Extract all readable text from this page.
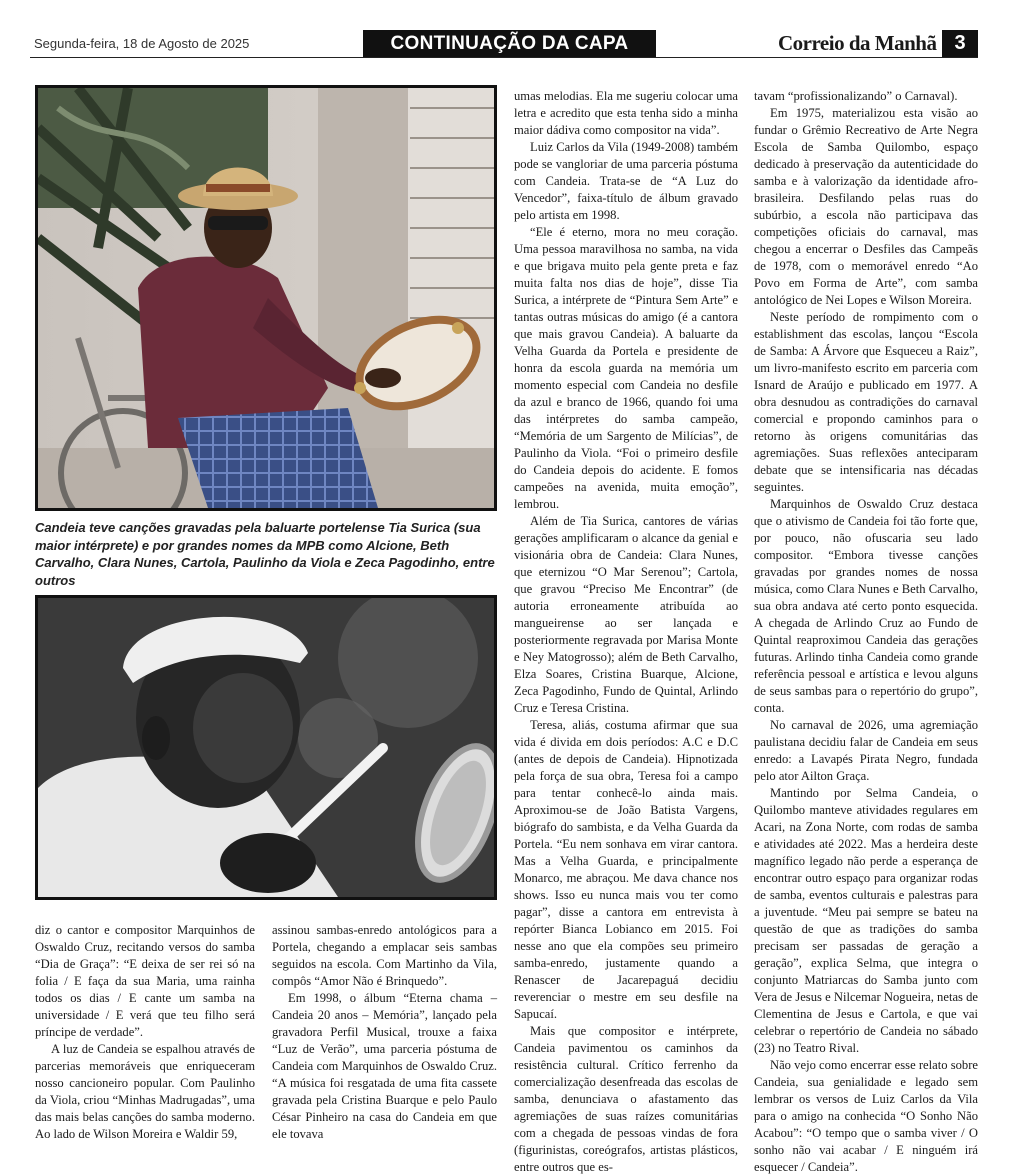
Segunda-feira, 18 de Agosto de 2025	CONTINUAÇÃO DA CAPA	Correio da Manhã 3
Candeia teve canções gravadas pela baluarte portelense Tia Surica (sua maior intérprete) e por grandes nomes da MPB como Alcione, Beth Carvalho, Clara Nunes, Cartola, Paulinho da Viola e Zeca Pagodinho, entre outros

diz o cantor e compositor Marquinhos de Oswaldo Cruz, recitando versos do samba “Dia de Graça”: “E deixa de ser rei só na folia / E faça da sua Maria, uma rainha todos os dias / E cante um samba na universidade / E verá que teu filho será príncipe de verdade”.

A luz de Candeia se espalhou através de parcerias memoráveis que enriqueceram nosso cancioneiro popular. Com Paulinho da Viola, criou “Minhas Madrugadas”, uma das mais belas canções do samba moderno. Ao lado de Wilson Moreira e Waldir 59,

assinou sambas-enredo antológicos para a Portela, chegando a emplacar seis sambas seguidos na escola. Com Martinho da Vila, compôs “Amor Não é Brinquedo”.

Em 1998, o álbum “Eterna chama – Candeia 20 anos – Memória”, lançado pela gravadora Perfil Musical, trouxe a faixa “Luz de Verão”, uma parceria póstuma de Candeia com Marquinhos de Oswaldo Cruz. “A música foi resgatada de uma fita cassete gravada pela Cristina Buarque e pelo Paulo César Pinheiro na casa do Candeia em que ele tovava

umas melodias. Ela me sugeriu colocar uma letra e acredito que esta tenha sido a minha maior dádiva como compositor na vida”.

Luiz Carlos da Vila (1949-2008) também pode se vangloriar de uma parceria póstuma com Candeia. Trata-se de “A Luz do Vencedor”, faixa-título de álbum gravado pelo artista em 1998.

“Ele é eterno, mora no meu coração. Uma pessoa maravilhosa no samba, na vida e que brigava muito pela gente preta e faz muita falta nos dias de hoje”, disse Tia Surica, a intérprete de “Pintura Sem Arte” e tantas outras músicas do amigo (é a cantora que mais gravou Candeia). A baluarte da Velha Guarda da Portela e presidente de honra da escola guarda na memória um momento especial com Candeia no desfile da azul e branco de 1966, quando foi uma das intérpretes do samba campeão, “Memória de um Sargento de Milícias”, de Paulinho da Viola. “Foi o primeiro desfile do Candeia depois do acidente. E fomos campeões na avenida, muita emoção”, lembrou.

Além de Tia Surica, cantores de várias gerações amplificaram o alcance da genial e visionária obra de Candeia: Clara Nunes, que eternizou “O Mar Serenou”; Cartola, que gravou “Preciso Me Encontrar” (de autoria erroneamente atribuída ao mangueirense ao ser lançada e posteriormente regravada por Marisa Monte e Ney Matogrosso); além de Beth Carvalho, Elza Soares, Cristina Buarque, Alcione, Zeca Pagodinho, Fundo de Quintal, Arlindo Cruz e Teresa Cristina.

Teresa, aliás, costuma afirmar que sua vida é divida em dois períodos: A.C e D.C (antes de depois de Candeia). Hipnotizada pela força de sua obra, Teresa foi a campo para tentar conhecê-lo ainda mais. Aproximou-se de João Batista Vargens, biógrafo do sambista, e da Velha Guarda da Portela. “Eu nem sonhava em virar cantora. Mas a Velha Guarda, e principalmente Monarco, me abraçou. Me dava chance nos shows. Isso eu nunca mais vou ter como pagar”, disse a cantora em entrevista à repórter Bianca Lobianco em 2015. Foi nesse ano que ela compões seu primeiro samba-enredo, justamente quando a Renascer de Jacarepaguá decidiu reverenciar o mestre em seu desfile na Sapucaí.

Mais que compositor e intérprete, Candeia pavimentou os caminhos da resistência cultural. Crítico ferrenho da comercialização desenfreada das escolas de samba, denunciava o afastamento das agremiações de suas raízes comunitárias com a chegada de pessoas vindas de fora (figurinistas, coreógrafos, artistas plásticos, entre outros que es-

tavam “profissionalizando” o Carnaval).

Em 1975, materializou esta visão ao fundar o Grêmio Recreativo de Arte Negra Escola de Samba Quilombo, espaço dedicado à preservação da autenticidade do samba e à valorização da identidade afro-brasileira. Desfilando pelas ruas do subúrbio, a escola não participava das competições oficiais do carnaval, mas chegou a encerrar o Desfiles das Campeãs de 1978, com o memorável enredo “Ao Povo em Forma de Arte”, com samba antológico de Nei Lopes e Wilson Moreira.

Neste período de rompimento com o establishment das escolas, lançou “Escola de Samba: A Árvore que Esqueceu a Raiz”, um livro-manifesto escrito em parceria com Isnard de Araújo e publicado em 1977. A obra desnudou as contradições do carnaval comercial e propondo caminhos para o retorno às origens comunitárias das agremiações. Suas reflexões anteciparam debate que se intensificaria nas décadas seguintes.

Marquinhos de Oswaldo Cruz destaca que o ativismo de Candeia foi tão forte que, por pouco, não ofuscaria seu lado compositor. “Embora tivesse canções gravadas por grandes nomes de nossa música, como Clara Nunes e Beth Carvalho, sua obra andava até certo ponto esquecida. A chegada de Arlindo Cruz ao Fundo de Quintal reaproximou Candeia das gerações futuras. Arlindo tinha Candeia como grande referência pessoal e artística e levou alguns de seus sambas para o repertório do grupo”, conta.

No carnaval de 2026, uma agremiação paulistana decidiu falar de Candeia em seus enredo: a Lavapés Pirata Negro, fundada pelo ator Ailton Graça.

Mantindo por Selma Candeia, o Quilombo manteve atividades regulares em Acari, na Zona Norte, com rodas de samba e atividades até 2022. Mas a herdeira deste magnífico legado não perde a esperança de encontrar outro espaço para organizar rodas de samba, eventos culturais e palestras para a juventude. “Meu pai sempre se bateu na questão de que as tradições do samba precisam ser passadas de geração a geração”, explica Selma, que integra o conjunto Matriarcas do Samba junto com Vera de Jesus e Nilcemar Nogueira, netas de Clementina de Jesus e Cartola, e que vai celebrar o repertório de Candeia no sábado (23) no Teatro Rival.

Não vejo como encerrar esse relato sobre Candeia, sua genialidade e legado sem lembrar os versos de Luiz Carlos da Vila para o amigo na conhecida “O Sonho Não Acabou”: “O tempo que o samba viver / O sonho não vai acabar / E ninguém irá esquecer / Candeia”.
